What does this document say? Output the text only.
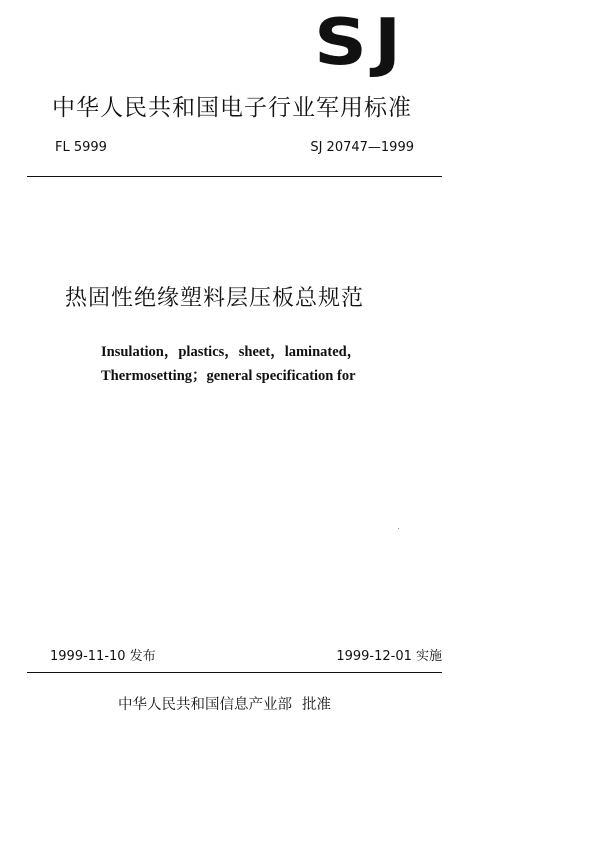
SJ
中华人民共和国电子行业军用标准
FL 5999	SJ 20747—1999
热固性绝缘塑料层压板总规范
Insulation，plastics，sheet，laminated，
Thermosetting；general specification for
1999-11-10 发布	1999-12-01 实施
中华人民共和国信息产业部 批准
